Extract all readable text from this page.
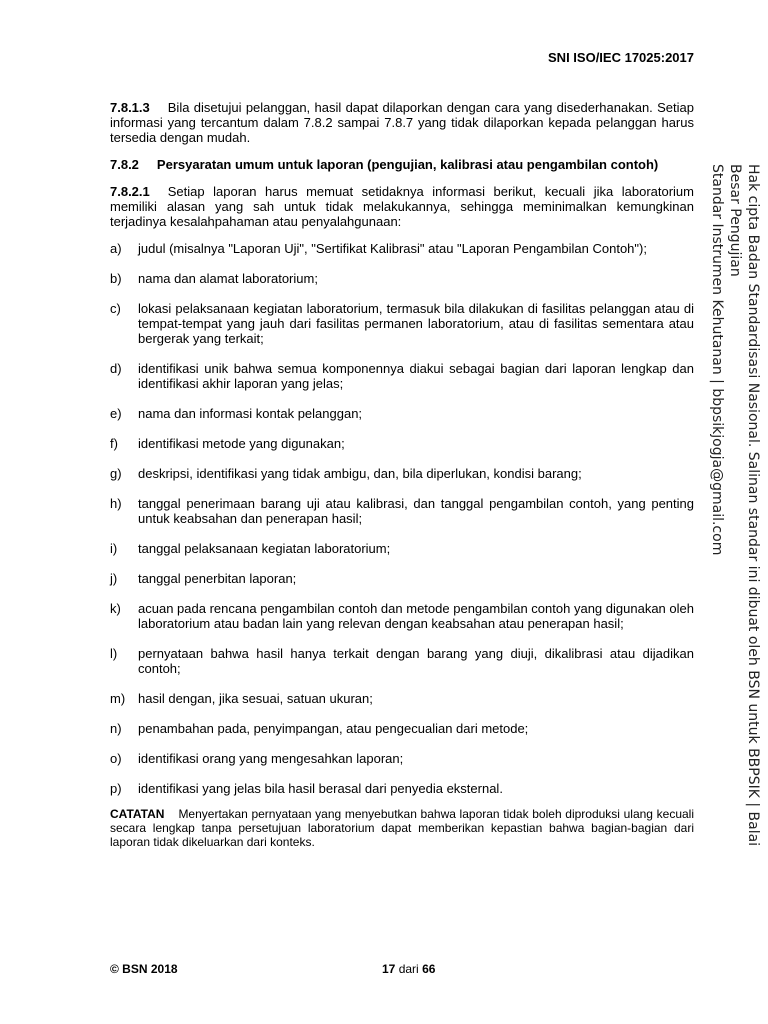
SNI ISO/IEC 17025:2017

7.8.1.3 Bila disetujui pelanggan, hasil dapat dilaporkan dengan cara yang disederhanakan. Setiap informasi yang tercantum dalam 7.8.2 sampai 7.8.7 yang tidak dilaporkan kepada pelanggan harus tersedia dengan mudah.

7.8.2 Persyaratan umum untuk laporan (pengujian, kalibrasi atau pengambilan contoh)

7.8.2.1 Setiap laporan harus memuat setidaknya informasi berikut, kecuali jika laboratorium memiliki alasan yang sah untuk tidak melakukannya, sehingga meminimalkan kemungkinan terjadinya kesalahpahaman atau penyalahgunaan:

a)	judul (misalnya "Laporan Uji", "Sertifikat Kalibrasi" atau "Laporan Pengambilan Contoh");
b)	nama dan alamat laboratorium;
c)	lokasi pelaksanaan kegiatan laboratorium, termasuk bila dilakukan di fasilitas pelanggan atau di tempat-tempat yang jauh dari fasilitas permanen laboratorium, atau di fasilitas sementara atau bergerak yang terkait;
d)	identifikasi unik bahwa semua komponennya diakui sebagai bagian dari laporan lengkap dan identifikasi akhir laporan yang jelas;
e)	nama dan informasi kontak pelanggan;
f)	identifikasi metode yang digunakan;
g)	deskripsi, identifikasi yang tidak ambigu, dan, bila diperlukan, kondisi barang;
h)	tanggal penerimaan barang uji atau kalibrasi, dan tanggal pengambilan contoh, yang penting untuk keabsahan dan penerapan hasil;
i)	tanggal pelaksanaan kegiatan laboratorium;
j)	tanggal penerbitan laporan;
k)	acuan pada rencana pengambilan contoh dan metode pengambilan contoh yang digunakan oleh laboratorium atau badan lain yang relevan dengan keabsahan atau penerapan hasil;
l)	pernyataan bahwa hasil hanya terkait dengan barang yang diuji, dikalibrasi atau dijadikan contoh;
m) hasil dengan, jika sesuai, satuan ukuran;
n)	penambahan pada, penyimpangan, atau pengecualian dari metode;
o)	identifikasi orang yang mengesahkan laporan;
p)	identifikasi yang jelas bila hasil berasal dari penyedia eksternal.

CATATAN Menyertakan pernyataan yang menyebutkan bahwa laporan tidak boleh diproduksi ulang kecuali secara lengkap tanpa persetujuan laboratorium dapat memberikan kepastian bahwa bagian-bagian dari laporan tidak dikeluarkan dari konteks.	Hak cipta Badan Standardisasi Nasional. Salinan standar ini dibuat oleh BSN untuk BBPSIK | Balai Besar Pengujian
Standar Instrumen Kehutanan | bbpsikjogja@gmail.com
© BSN 2018	17 dari 66
